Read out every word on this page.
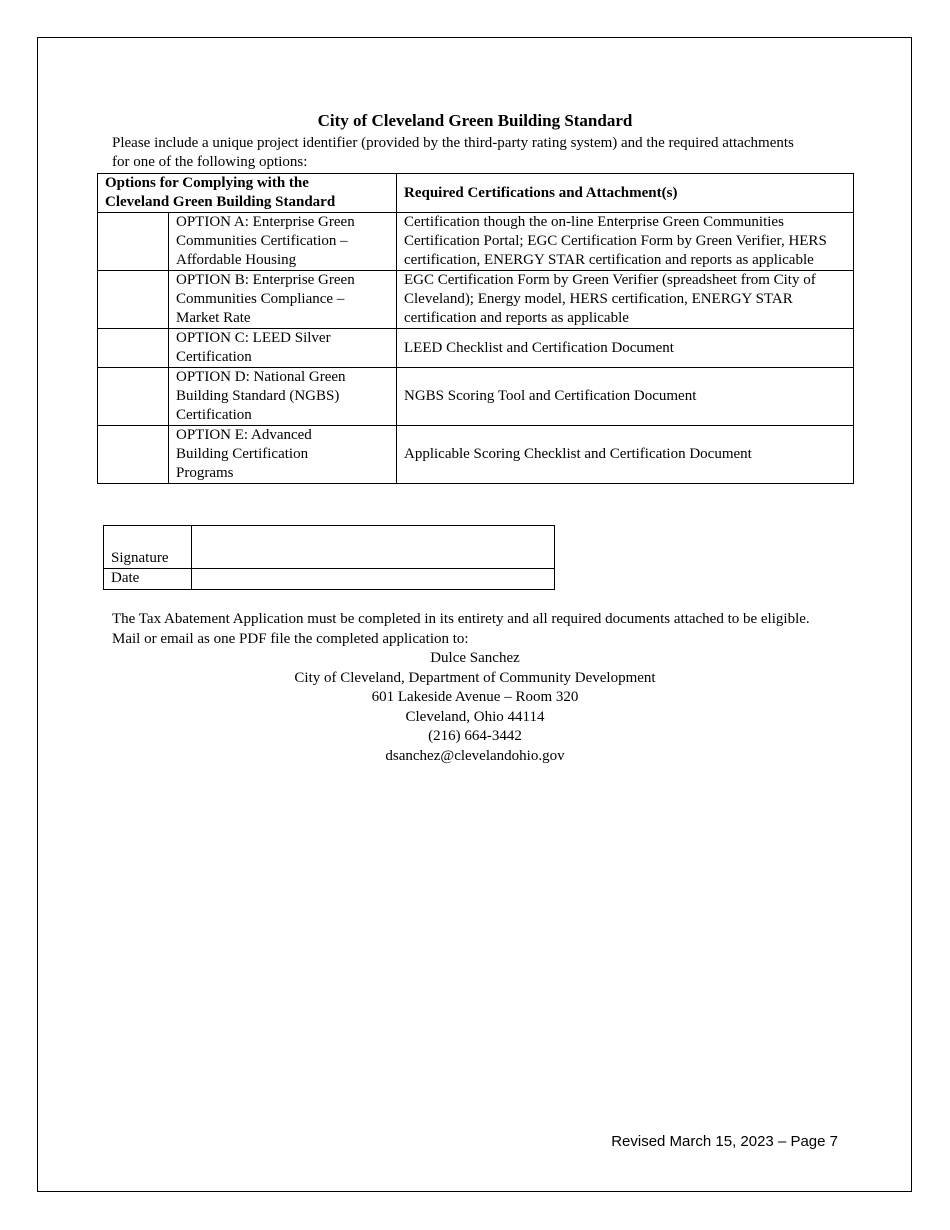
City of Cleveland Green Building Standard
Please include a unique project identifier (provided by the third-party rating system) and the required attachments
for one of the following options:
Options for Complying with the
Cleveland Green Building Standard		Required Certifications and Attachment(s)

	OPTION A: Enterprise Green
Communities Certification –
Affordable Housing	Certification though the on-line Enterprise Green Communities
Certification Portal; EGC Certification Form by Green Verifier, HERS
certification, ENERGY STAR certification and reports as applicable

	OPTION B: Enterprise Green
Communities Compliance –
Market Rate	EGC Certification Form by Green Verifier (spreadsheet from City of
Cleveland); Energy model, HERS certification, ENERGY STAR
certification and reports as applicable

	OPTION C: LEED Silver
Certification	LEED Checklist and Certification Document

	OPTION D: National Green
Building Standard (NGBS)
Certification	NGBS Scoring Tool and Certification Document

	OPTION E: Advanced
Building Certification
Programs	Applicable Scoring Checklist and Certification Document
Signature	
Date	
The Tax Abatement Application must be completed in its entirety and all required documents attached to be eligible.
Mail or email as one PDF file the completed application to:
Dulce Sanchez
City of Cleveland, Department of Community Development
601 Lakeside Avenue – Room 320
Cleveland, Ohio 44114
(216) 664-3442
dsanchez@clevelandohio.gov
Revised March 15, 2023 – Page 7
